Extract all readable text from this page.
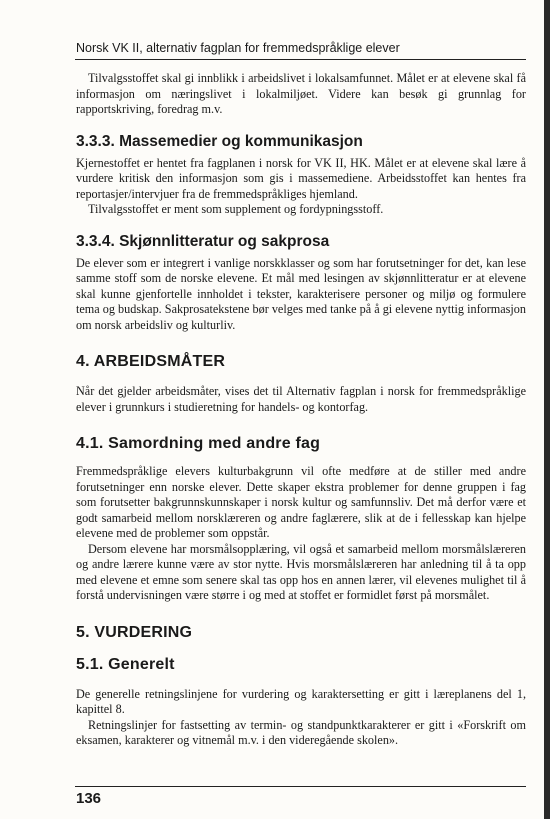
Norsk VK II, alternativ fagplan for fremmedspråklige elever

Tilvalgsstoffet skal gi innblikk i arbeidslivet i lokalsamfunnet. Målet er at elevene skal få informasjon om næringslivet i lokalmiljøet. Videre kan besøk gi grunnlag for rapportskriving, foredrag m.v.

3.3.3. Massemedier og kommunikasjon

Kjernestoffet er hentet fra fagplanen i norsk for VK II, HK. Målet er at elevene skal lære å vurdere kritisk den informasjon som gis i massemediene. Arbeidsstoffet kan hentes fra reportasjer/intervjuer fra de fremmedspråkliges hjemland.

Tilvalgsstoffet er ment som supplement og fordypningsstoff.

3.3.4. Skjønnlitteratur og sakprosa

De elever som er integrert i vanlige norskklasser og som har forutsetninger for det, kan lese samme stoff som de norske elevene. Et mål med lesingen av skjønnlitteratur er at elevene skal kunne gjenfortelle innholdet i tekster, karakterisere personer og miljø og formulere tema og budskap. Sakprosatekstene bør velges med tanke på å gi elevene nyttig informasjon om norsk arbeidsliv og kulturliv.

4. ARBEIDSMÅTER

Når det gjelder arbeidsmåter, vises det til Alternativ fagplan i norsk for fremmedspråklige elever i grunnkurs i studieretning for handels- og kontorfag.

4.1. Samordning med andre fag

Fremmedspråklige elevers kulturbakgrunn vil ofte medføre at de stiller med andre forutsetninger enn norske elever. Dette skaper ekstra problemer for denne gruppen i fag som forutsetter bakgrunnskunnskaper i norsk kultur og samfunnsliv. Det må derfor være et godt samarbeid mellom norsklæreren og andre faglærere, slik at de i fellesskap kan hjelpe elevene med de problemer som oppstår.

Dersom elevene har morsmålsopplæring, vil også et samarbeid mellom morsmålslæreren og andre lærere kunne være av stor nytte. Hvis morsmålslæreren har anledning til å ta opp med elevene et emne som senere skal tas opp hos en annen lærer, vil elevenes mulighet til å forstå undervisningen være større i og med at stoffet er formidlet først på morsmålet.

5. VURDERING
5.1. Generelt

De generelle retningslinjene for vurdering og karaktersetting er gitt i læreplanens del 1, kapittel 8.

Retningslinjer for fastsetting av termin- og standpunktkarakterer er gitt i «Forskrift om eksamen, karakterer og vitnemål m.v. i den videregående skolen».

136
